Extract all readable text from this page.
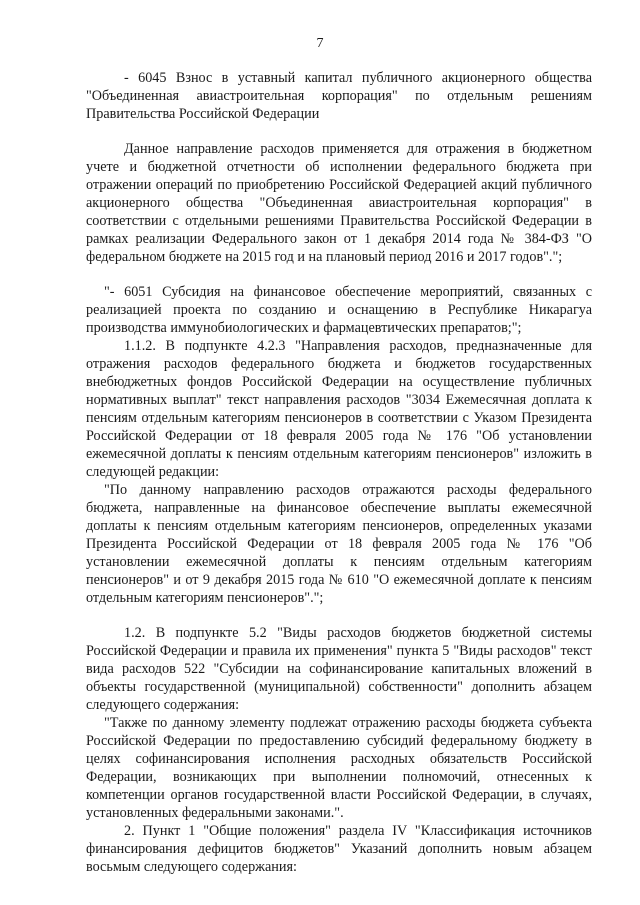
7

- 6045 Взнос в уставный капитал публичного акционерного общества "Объединенная авиастроительная корпорация" по отдельным решениям Правительства Российской Федерации

Данное направление расходов применяется для отражения в бюджетном учете и бюджетной отчетности об исполнении федерального бюджета при отражении операций по приобретению Российской Федерацией акций публичного акционерного общества "Объединенная авиастроительная корпорация" в соответствии с отдельными решениями Правительства Российской Федерации в рамках реализации Федерального закон от 1 декабря 2014 года № 384-ФЗ "О федеральном бюджете на 2015 год и на плановый период 2016 и 2017 годов".";

"- 6051 Субсидия на финансовое обеспечение мероприятий, связанных с реализацией проекта по созданию и оснащению в Республике Никарагуа производства иммунобиологических и фармацевтических препаратов;";

1.1.2. В подпункте 4.2.3 "Направления расходов, предназначенные для отражения расходов федерального бюджета и бюджетов государственных внебюджетных фондов Российской Федерации на осуществление публичных нормативных выплат" текст направления расходов "3034 Ежемесячная доплата к пенсиям отдельным категориям пенсионеров в соответствии с Указом Президента Российской Федерации от 18 февраля 2005 года № 176 "Об установлении ежемесячной доплаты к пенсиям отдельным категориям пенсионеров" изложить в следующей редакции:

"По данному направлению расходов отражаются расходы федерального бюджета, направленные на финансовое обеспечение выплаты ежемесячной доплаты к пенсиям отдельным категориям пенсионеров, определенных указами Президента Российской Федерации от 18 февраля 2005 года № 176 "Об установлении ежемесячной доплаты к пенсиям отдельным категориям пенсионеров" и от 9 декабря 2015 года № 610 "О ежемесячной доплате к пенсиям отдельным категориям пенсионеров".";

1.2. В подпункте 5.2 "Виды расходов бюджетов бюджетной системы Российской Федерации и правила их применения" пункта 5 "Виды расходов" текст вида расходов 522 "Субсидии на софинансирование капитальных вложений в объекты государственной (муниципальной) собственности" дополнить абзацем следующего содержания:

"Также по данному элементу подлежат отражению расходы бюджета субъекта Российской Федерации по предоставлению субсидий федеральному бюджету в целях софинансирования исполнения расходных обязательств Российской Федерации, возникающих при выполнении полномочий, отнесенных к компетенции органов государственной власти Российской Федерации, в случаях, установленных федеральными законами.".

2. Пункт 1 "Общие положения" раздела IV "Классификация источников финансирования дефицитов бюджетов" Указаний дополнить новым абзацем восьмым следующего содержания:
